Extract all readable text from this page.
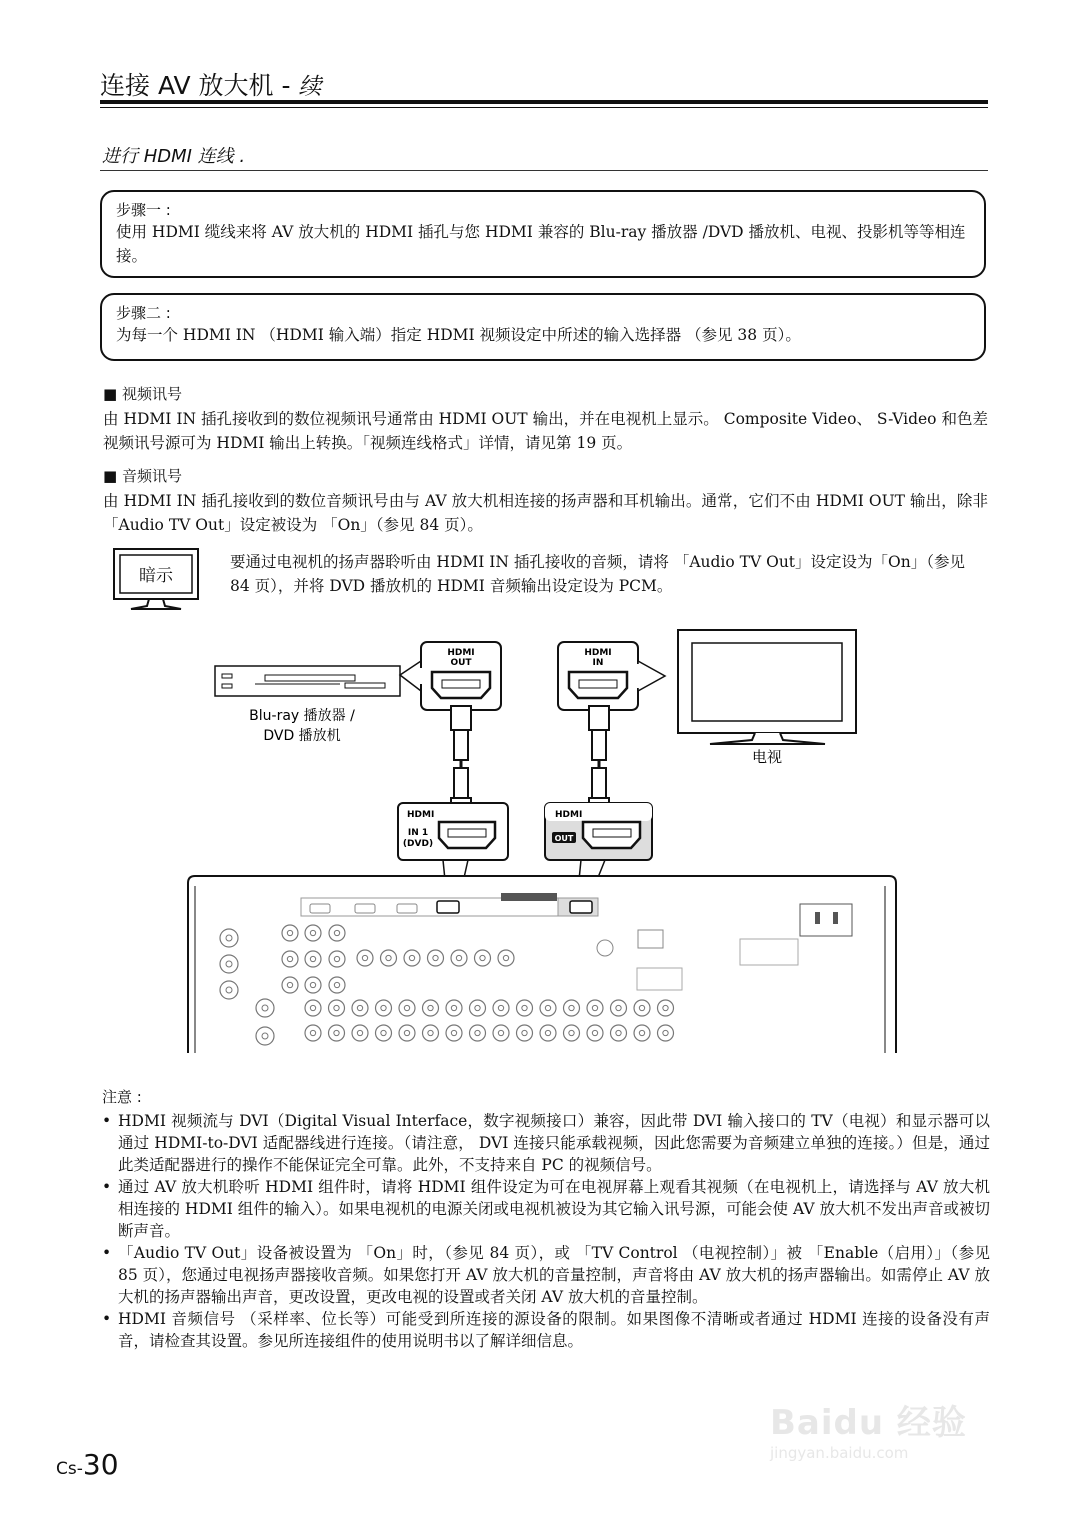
连接 AV 放大机 - 续
进行 HDMI 连线 .
步骤一 :
使用 HDMI 缆线来将 AV 放大机的 HDMI 插孔与您 HDMI 兼容的 Blu-ray 播放器 /DVD 播放机、电视、投影机等等相连接。
步骤二 :
为每一个 HDMI IN （HDMI 输入端）指定 HDMI 视频设定中所述的输入选择器 （参见 38 页）。
■ 视频讯号
由 HDMI IN 插孔接收到的数位视频讯号通常由 HDMI OUT 输出，并在电视机上显示。 Composite Video、 S-Video 和色差视频讯号源可为 HDMI 输出上转换。「视频连线格式」详情，请见第 19 页。
■ 音频讯号
由 HDMI IN 插孔接收到的数位音频讯号由与 AV 放大机相连接的扬声器和耳机输出。通常，它们不由 HDMI OUT 输出，除非 「Audio TV Out」设定被设为 「On」（参见 84 页）。
暗示
要通过电视机的扬声器聆听由 HDMI IN 插孔接收的音频，请将 「Audio TV Out」设定设为「On」（参见 84 页），并将 DVD 播放机的 HDMI 音频输出设定设为 PCM。
Blu-ray 播放器 /
DVD 播放机
HDMI
OUT
HDMI
IN
电视
HDMI
IN 1
(DVD)
HDMI
OUT
注意 :
• HDMI 视频流与 DVI（Digital Visual Interface，数字视频接口）兼容，因此带 DVI 输入接口的 TV（电视）和显示器可以通过 HDMI-to-DVI 适配器线进行连接。（请注意， DVI 连接只能承载视频，因此您需要为音频建立单独的连接。）但是，通过此类适配器进行的操作不能保证完全可靠。此外，不支持来自 PC 的视频信号。
• 通过 AV 放大机聆听 HDMI 组件时，请将 HDMI 组件设定为可在电视屏幕上观看其视频（在电视机上，请选择与 AV 放大机相连接的 HDMI 组件的输入）。如果电视机的电源关闭或电视机被设为其它输入讯号源，可能会使 AV 放大机不发出声音或被切断声音。
• 「Audio TV Out」设备被设置为 「On」时，（参见 84 页），或 「TV Control （电视控制）」被 「Enable（启用）」（参见 85 页），您通过电视扬声器接收音频。如果您打开 AV 放大机的音量控制，声音将由 AV 放大机的扬声器输出。如需停止 AV 放大机的扬声器输出声音，更改设置，更改电视的设置或者关闭 AV 放大机的音量控制。
• HDMI 音频信号 （采样率、位长等）可能受到所连接的源设备的限制。如果图像不清晰或者通过 HDMI 连接的设备没有声音，请检查其设置。参见所连接组件的使用说明书以了解详细信息。
Baidu 经验
jingyan.baidu.com
Cs-30
